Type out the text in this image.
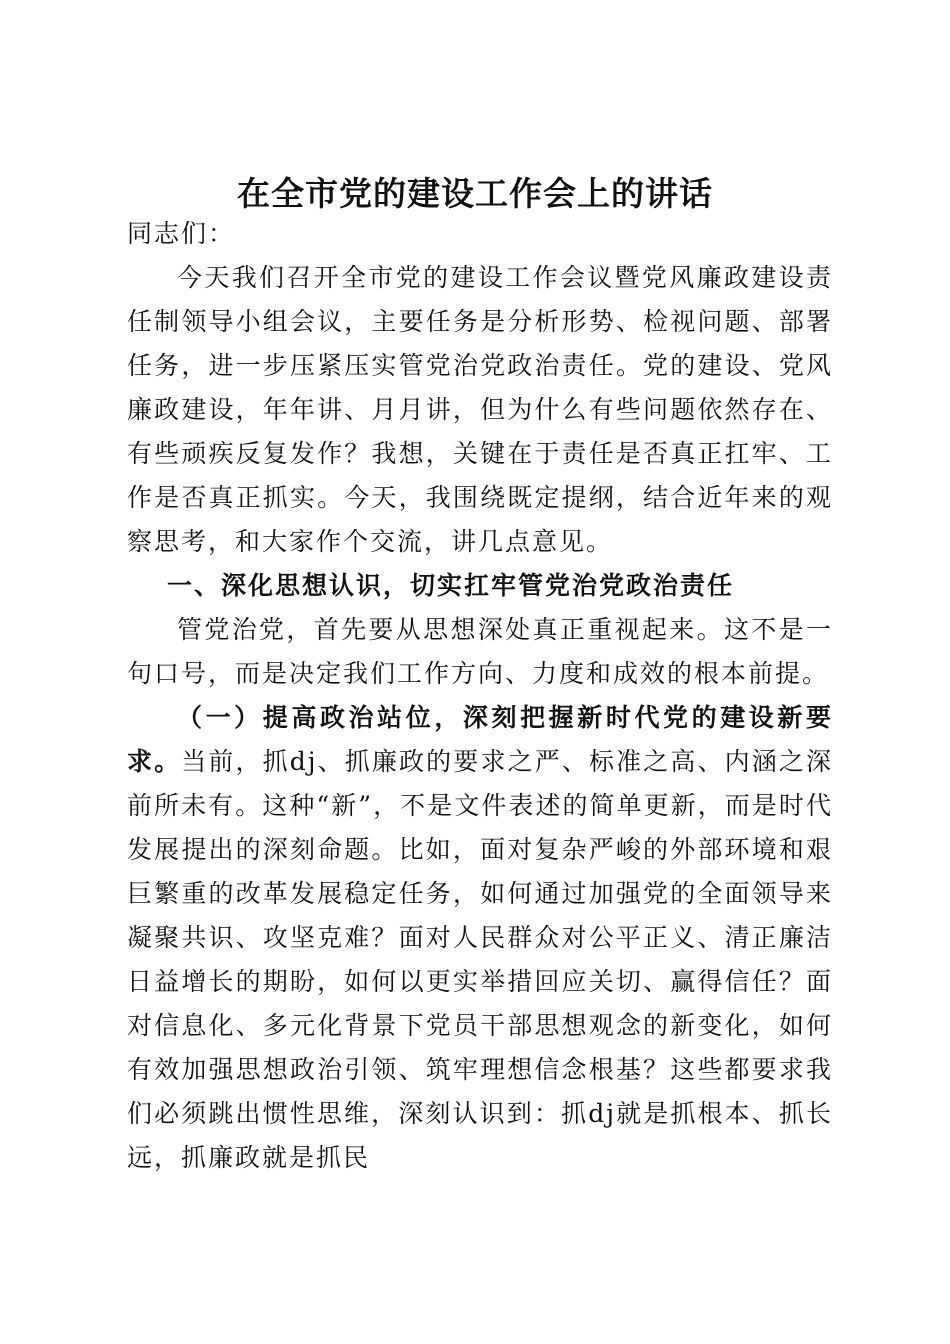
在全市党的建设工作会上的讲话

同志们：

今天我们召开全市党的建设工作会议暨党风廉政建设责任制领导小组会议，主要任务是分析形势、检视问题、部署任务，进一步压紧压实管党治党政治责任。党的建设、党风廉政建设，年年讲、月月讲，但为什么有些问题依然存在、有些顽疾反复发作？我想，关键在于责任是否真正扛牢、工作是否真正抓实。今天，我围绕既定提纲，结合近年来的观察思考，和大家作个交流，讲几点意见。

一、深化思想认识，切实扛牢管党治党政治责任

管党治党，首先要从思想深处真正重视起来。这不是一句口号，而是决定我们工作方向、力度和成效的根本前提。

（一）提高政治站位，深刻把握新时代党的建设新要求。当前，抓dj、抓廉政的要求之严、标准之高、内涵之深前所未有。这种“新”，不是文件表述的简单更新，而是时代发展提出的深刻命题。比如，面对复杂严峻的外部环境和艰巨繁重的改革发展稳定任务，如何通过加强党的全面领导来凝聚共识、攻坚克难？面对人民群众对公平正义、清正廉洁日益增长的期盼，如何以更实举措回应关切、赢得信任？面对信息化、多元化背景下党员干部思想观念的新变化，如何有效加强思想政治引领、筑牢理想信念根基？这些都要求我们必须跳出惯性思维，深刻认识到：抓dj就是抓根本、抓长远，抓廉政就是抓民
